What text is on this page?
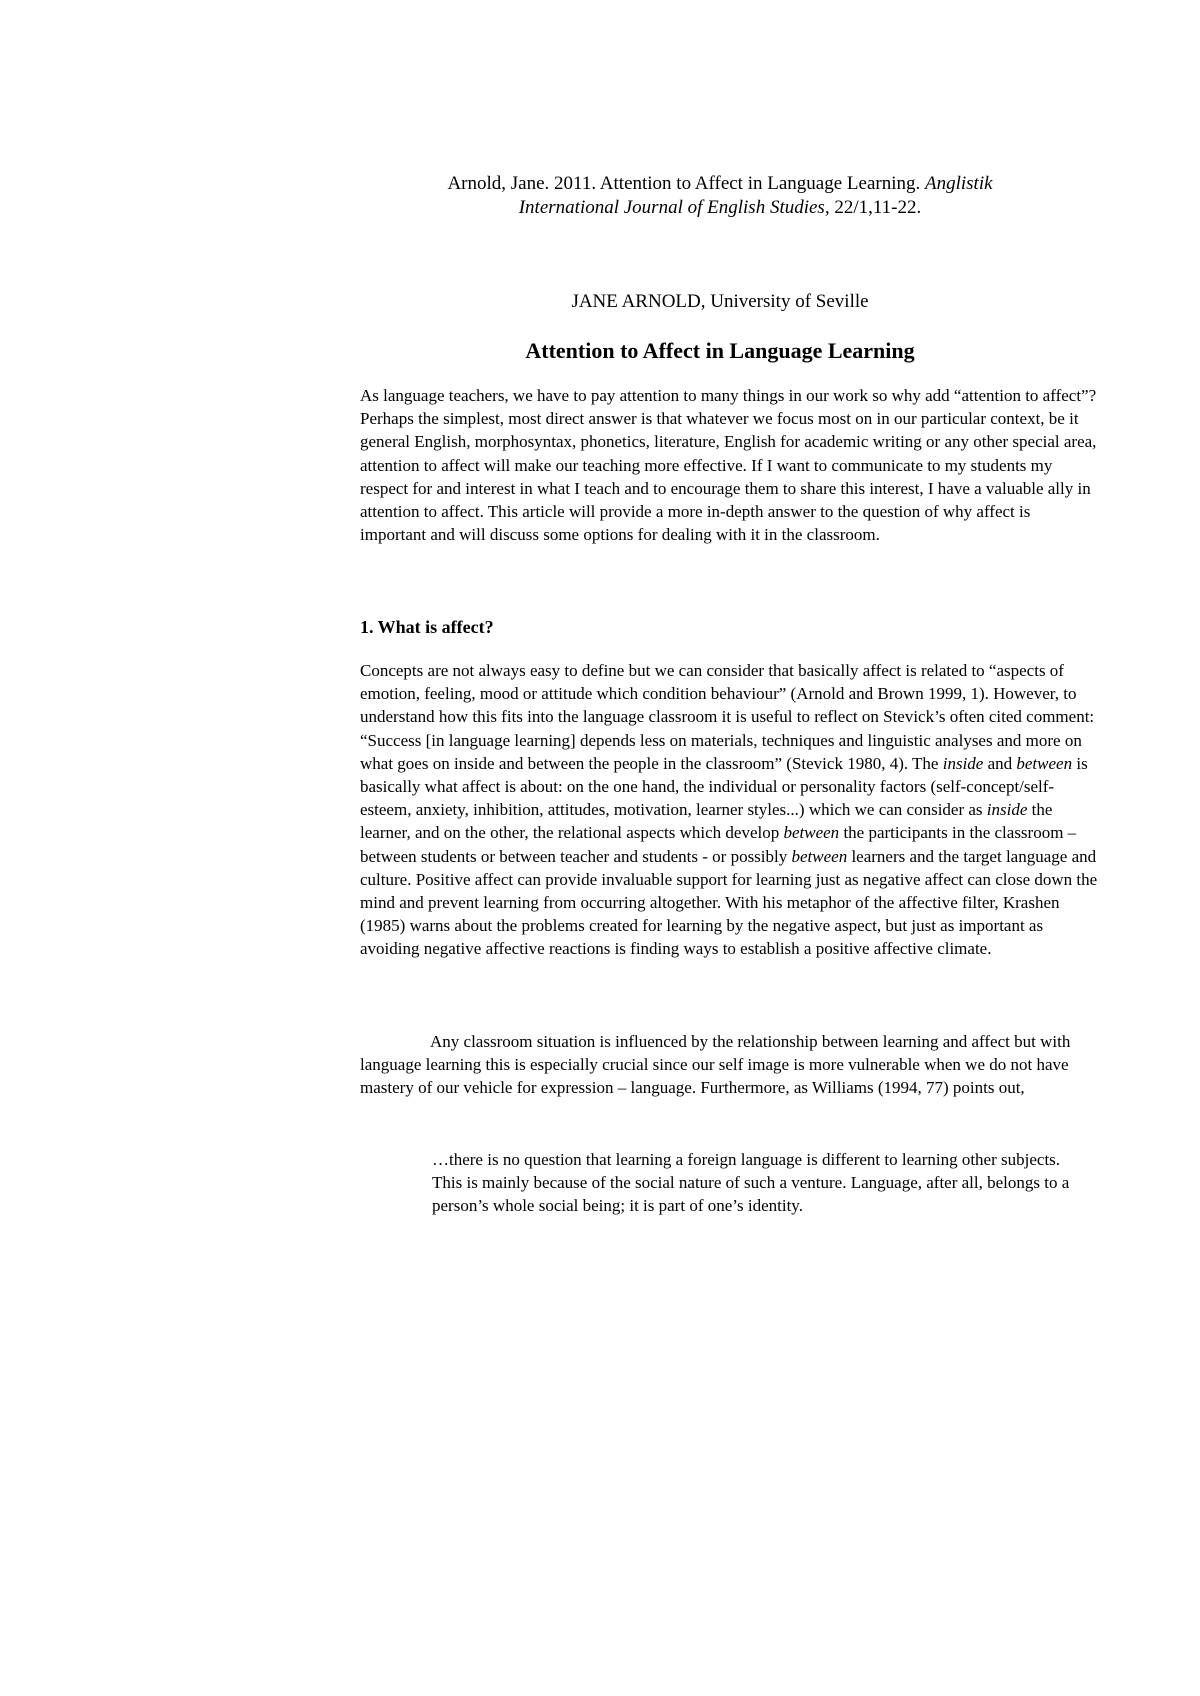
Arnold, Jane. 2011. Attention to Affect in Language Learning. Anglistik
International Journal of English Studies, 22/1,11-22.
JANE ARNOLD, University of Seville
Attention to Affect in Language Learning

As language teachers, we have to pay attention to many things in our work so why add “attention to affect”? Perhaps the simplest, most direct answer is that whatever we focus most on in our particular context, be it general English, morphosyntax, phonetics, literature, English for academic writing or any other special area, attention to affect will make our teaching more effective. If I want to communicate to my students my respect for and interest in what I teach and to encourage them to share this interest, I have a valuable ally in attention to affect. This article will provide a more in-depth answer to the question of why affect is important and will discuss some options for dealing with it in the classroom.

1. What is affect?

Concepts are not always easy to define but we can consider that basically affect is related to “aspects of emotion, feeling, mood or attitude which condition behaviour” (Arnold and Brown 1999, 1). However, to understand how this fits into the language classroom it is useful to reflect on Stevick’s often cited comment: “Success [in language learning] depends less on materials, techniques and linguistic analyses and more on what goes on inside and between the people in the classroom” (Stevick 1980, 4). The inside and between is basically what affect is about: on the one hand, the individual or personality factors (self-concept/self-esteem, anxiety, inhibition, attitudes, motivation, learner styles...) which we can consider as inside the learner, and on the other, the relational aspects which develop between the participants in the classroom – between students or between teacher and students - or possibly between learners and the target language and culture. Positive affect can provide invaluable support for learning just as negative affect can close down the mind and prevent learning from occurring altogether. With his metaphor of the affective filter, Krashen (1985) warns about the problems created for learning by the negative aspect, but just as important as avoiding negative affective reactions is finding ways to establish a positive affective climate.

Any classroom situation is influenced by the relationship between learning and affect but with language learning this is especially crucial since our self image is more vulnerable when we do not have mastery of our vehicle for expression – language. Furthermore, as Williams (1994, 77) points out,

…there is no question that learning a foreign language is different to learning other subjects. This is mainly because of the social nature of such a venture. Language, after all, belongs to a person’s whole social being; it is part of one’s identity.
